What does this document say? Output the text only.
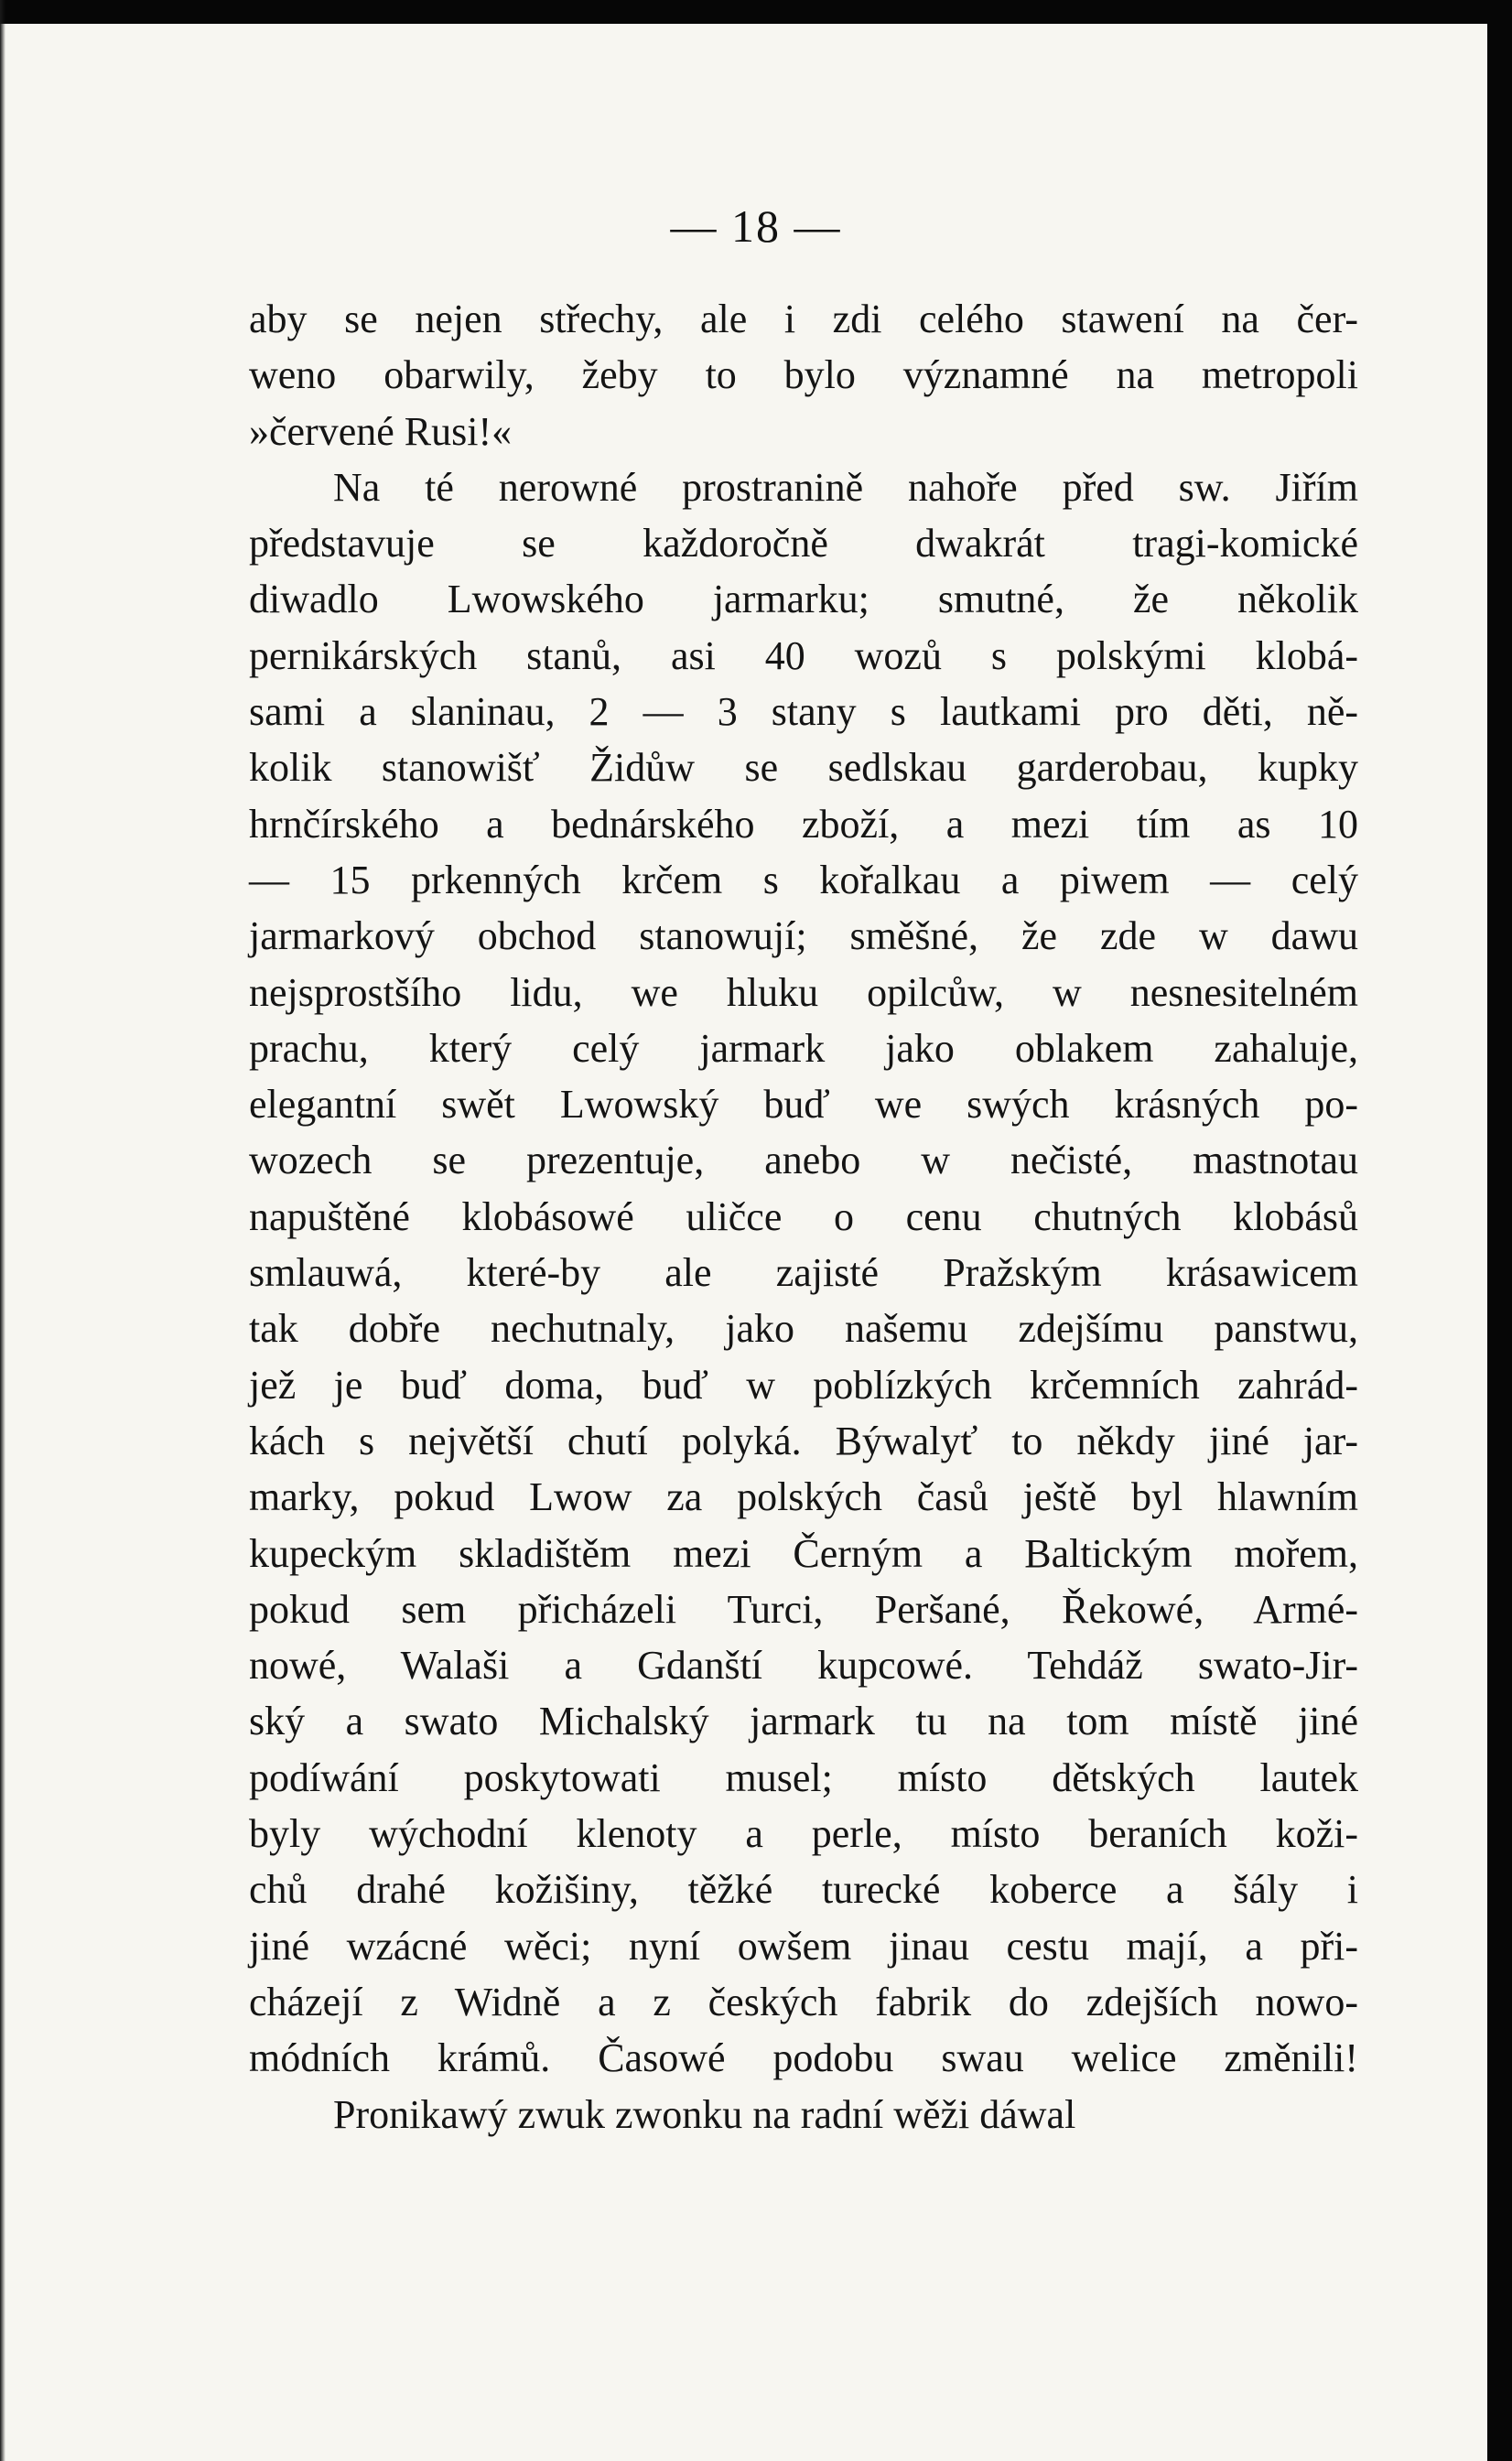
— 18 —
aby se nejen střechy, ale i zdi celého stawení na čer-
weno obarwily, žeby to bylo významné na metropoli
»červené Rusi!«
Na té nerowné prostranině nahoře před sw. Jiřím
představuje se každoročně dwakrát tragi-komické
diwadlo Lwowského jarmarku; smutné, že několik
pernikárských stanů, asi 40 wozů s polskými klobá-
sami a slaninau, 2 — 3 stany s lautkami pro děti, ně-
kolik stanowišť Židůw se sedlskau garderobau, kupky
hrnčírského a bednárského zboží, a mezi tím as 10
— 15 prkenných krčem s kořalkau a piwem — celý
jarmarkový obchod stanowují; směšné, že zde w dawu
nejsprostšího lidu, we hluku opilcůw, w nesnesitelném
prachu, který celý jarmark jako oblakem zahaluje,
elegantní swět Lwowský buď we swých krásných po-
wozech se prezentuje, anebo w nečisté, mastnotau
napuštěné klobásowé uličce o cenu chutných klobásů
smlauwá, které-by ale zajisté Pražským krásawicem
tak dobře nechutnaly, jako našemu zdejšímu panstwu,
jež je buď doma, buď w poblízkých krčemních zahrád-
kách s největší chutí polyká. Býwalyť to někdy jiné jar-
marky, pokud Lwow za polských časů ještě byl hlawním
kupeckým skladištěm mezi Černým a Baltickým mořem,
pokud sem přicházeli Turci, Peršané, Řekowé, Armé-
nowé, Walaši a Gdanští kupcowé. Tehdáž swato-Jir-
ský a swato Michalský jarmark tu na tom místě jiné
podíwání poskytowati musel; místo dětských lautek
byly wýchodní klenoty a perle, místo beraních koži-
chů drahé kožišiny, těžké turecké koberce a šály i
jiné wzácné wěci; nyní owšem jinau cestu mají, a při-
cházejí z Widně a z českých fabrik do zdejších nowo-
módních krámů. Časowé podobu swau welice změnili!
Pronikawý zwuk zwonku na radní wěži dáwal
